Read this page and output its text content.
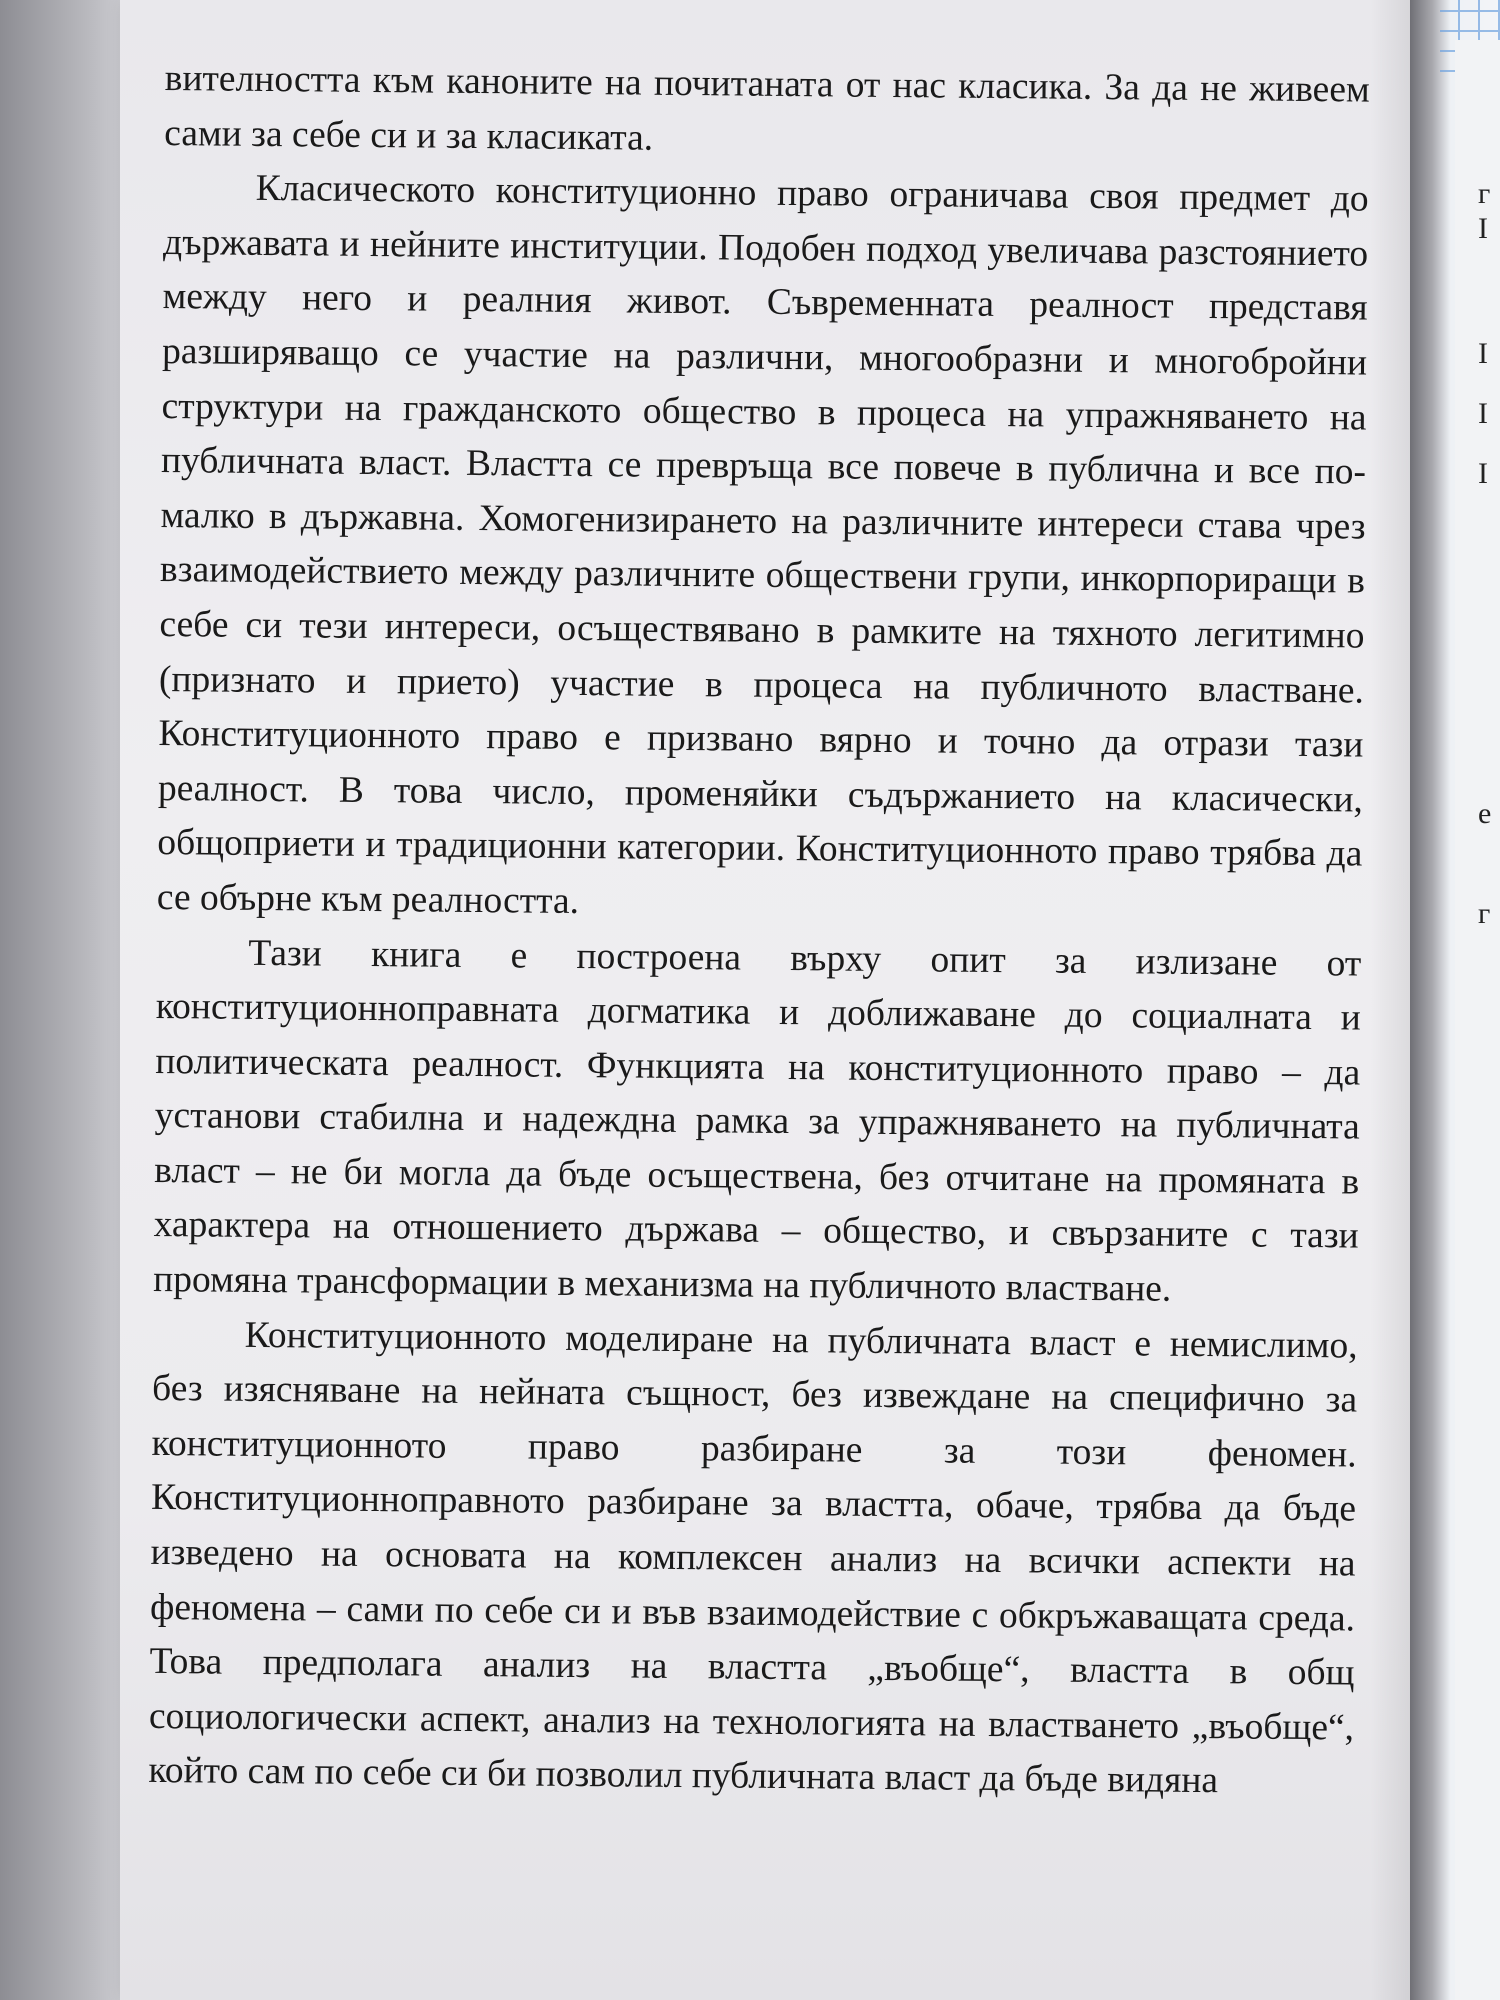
г
I
І
І
І
е
г

вителността към каноните на почитаната от нас класика. За да не живеем сами за себе си и за класиката.

Класическото конституционно право ограничава своя предмет до държавата и нейните институции. Подобен подход увеличава разстоянието между него и реалния живот. Съвременната реалност представя разширяващо се участие на различни, многообразни и многобройни структури на гражданското общество в процеса на упражняването на публичната власт. Властта се превръща все повече в публична и все по-малко в държавна. Хомогенизирането на различните интереси става чрез взаимодействието между различните обществени групи, инкорпориращи в себе си тези интереси, осъществявано в рамките на тяхното легитимно (признато и прието) участие в процеса на публичното властване. Конституционното право е призвано вярно и точно да отрази тази реалност. В това число, променяйки съдържанието на класически, общоприети и традиционни категории. Конституционното право трябва да се обърне към реалността.

Тази книга е построена върху опит за излизане от конституционноправната догматика и доближаване до социалната и политическата реалност. Функцията на конституционното право – да установи стабилна и надеждна рамка за упражняването на публичната власт – не би могла да бъде осъществена, без отчитане на промяната в характера на отношението държава – общество, и свързаните с тази промяна трансформации в механизма на публичното властване.

Конституционното моделиране на публичната власт е немислимо, без изясняване на нейната същност, без извеждане на специфично за конституционното право разбиране за този феномен. Конституционноправното разбиране за властта, обаче, трябва да бъде изведено на основата на комплексен анализ на всички аспекти на феномена – сами по себе си и във взаимодействие с обкръжаващата среда. Това предполага анализ на властта „въобще“, властта в общ социологически аспект, анализ на технологията на властването „въобще“, който сам по себе си би позволил публичната власт да бъде видяна
